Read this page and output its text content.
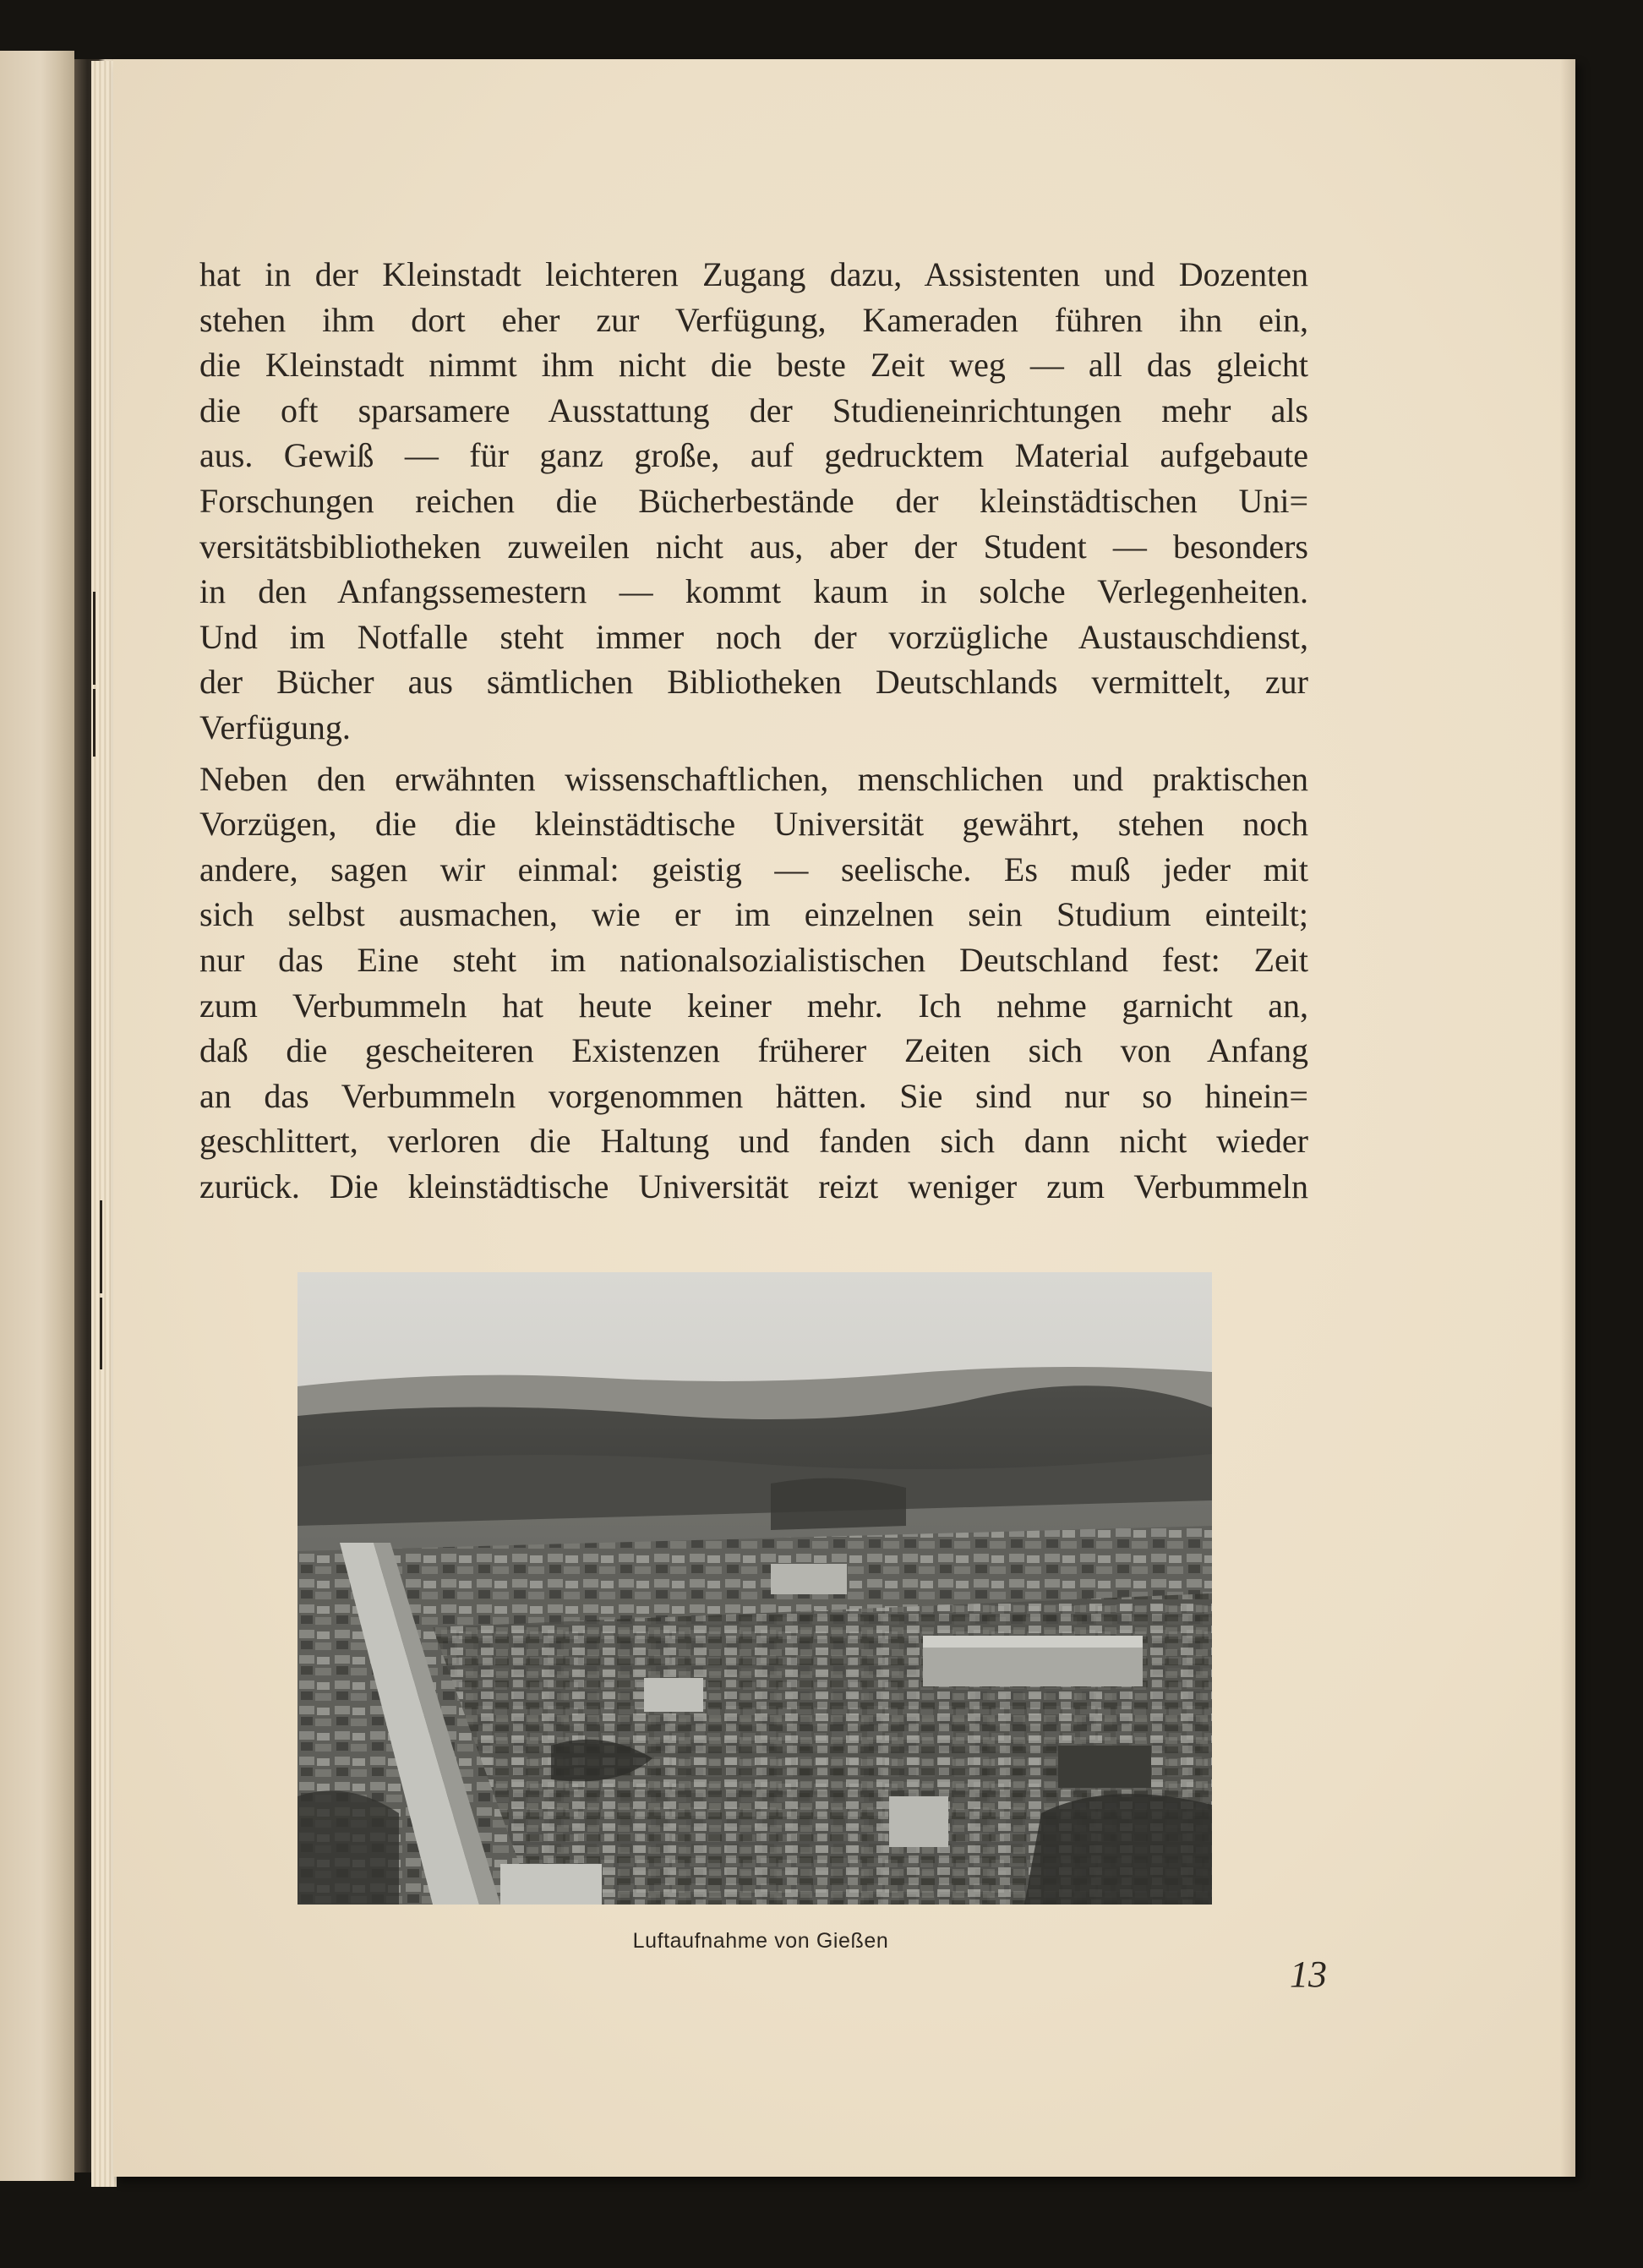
hat in der Kleinstadt leichteren Zugang dazu, Assistenten und Dozenten
stehen ihm dort eher zur Verfügung, Kameraden führen ihn ein,
die Kleinstadt nimmt ihm nicht die beste Zeit weg — all das gleicht
die oft sparsamere Ausstattung der Studieneinrichtungen mehr als
aus. Gewiß — für ganz große, auf gedrucktem Material aufgebaute
Forschungen reichen die Bücherbestände der kleinstädtischen Uni=
versitätsbibliotheken zuweilen nicht aus, aber der Student — besonders
in den Anfangssemestern — kommt kaum in solche Verlegenheiten.
Und im Notfalle steht immer noch der vorzügliche Austauschdienst,
der Bücher aus sämtlichen Bibliotheken Deutschlands vermittelt, zur
Verfügung.
Neben den erwähnten wissenschaftlichen, menschlichen und praktischen
Vorzügen, die die kleinstädtische Universität gewährt, stehen noch
andere, sagen wir einmal: geistig — seelische. Es muß jeder mit
sich selbst ausmachen, wie er im einzelnen sein Studium einteilt;
nur das Eine steht im nationalsozialistischen Deutschland fest: Zeit
zum Verbummeln hat heute keiner mehr. Ich nehme garnicht an,
daß die gescheiteren Existenzen früherer Zeiten sich von Anfang
an das Verbummeln vorgenommen hätten. Sie sind nur so hinein=
geschlittert, verloren die Haltung und fanden sich dann nicht wieder
zurück. Die kleinstädtische Universität reizt weniger zum Verbummeln
Luftaufnahme von Gießen
13
